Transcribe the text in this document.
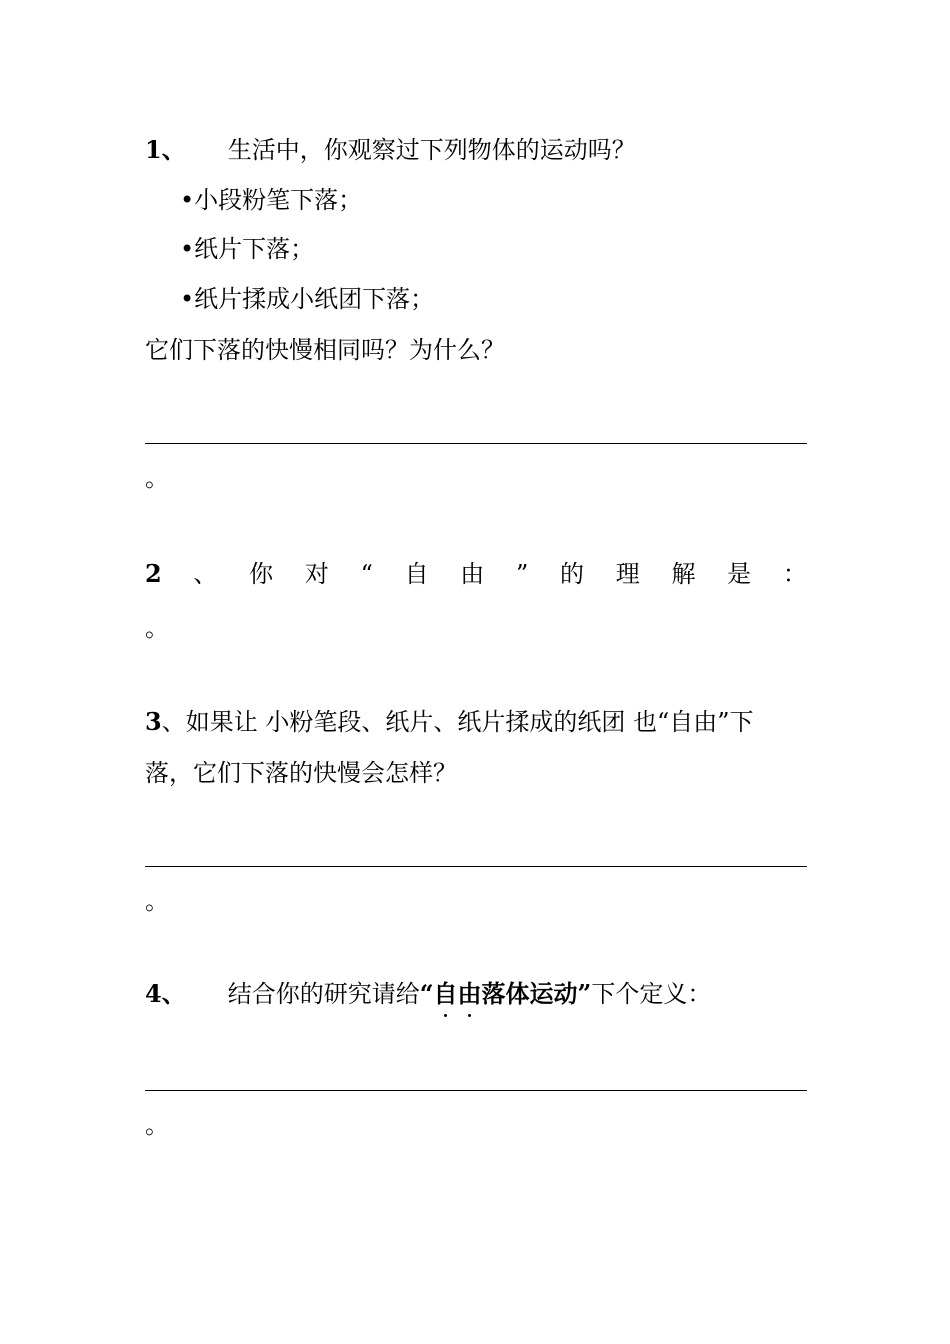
1、 生活中，你观察过下列物体的运动吗？
•小段粉笔下落；
•纸片下落；
•纸片揉成小纸团下落；
它们下落的快慢相同吗？为什么？
。
2 、 你 对 “ 自 由 ” 的 理 解 是 ：
。
3、如果让 小粉笔段、纸片、纸片揉成的纸团 也“自由”下
落，它们下落的快慢会怎样？
。
4、 结合你的研究请给“自由落体运动”下个定义：
。
